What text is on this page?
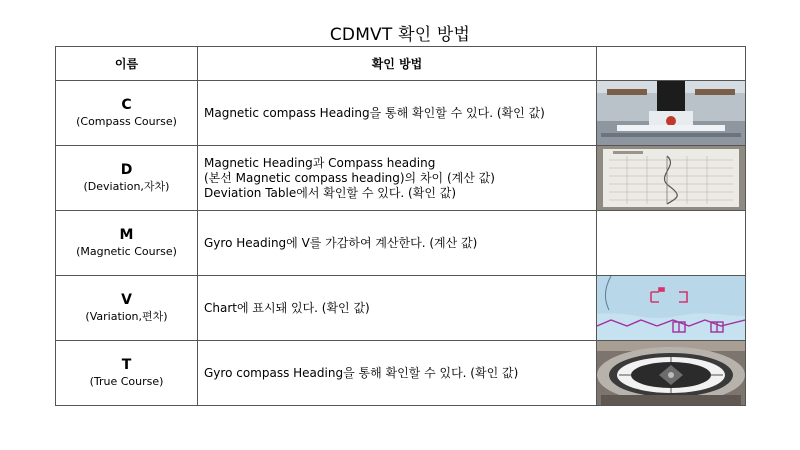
CDMVT 확인 방법
이름	확인 방법	

C
(Compass Course)	Magnetic compass Heading을 통해 확인할 수 있다. (확인 값)

D
(Deviation,자차)	Magnetic Heading과 Compass heading
(본선 Magnetic compass heading)의 차이 (계산 값)
Deviation Table에서 확인할 수 있다. (확인 값)

M
(Magnetic Course)	Gyro Heading에 V를 가감하여 계산한다. (계산 값)	

V
(Variation,편차)	Chart에 표시돼 있다. (확인 값)

T
(True Course)	Gyro compass Heading을 통해 확인할 수 있다. (확인 값)
